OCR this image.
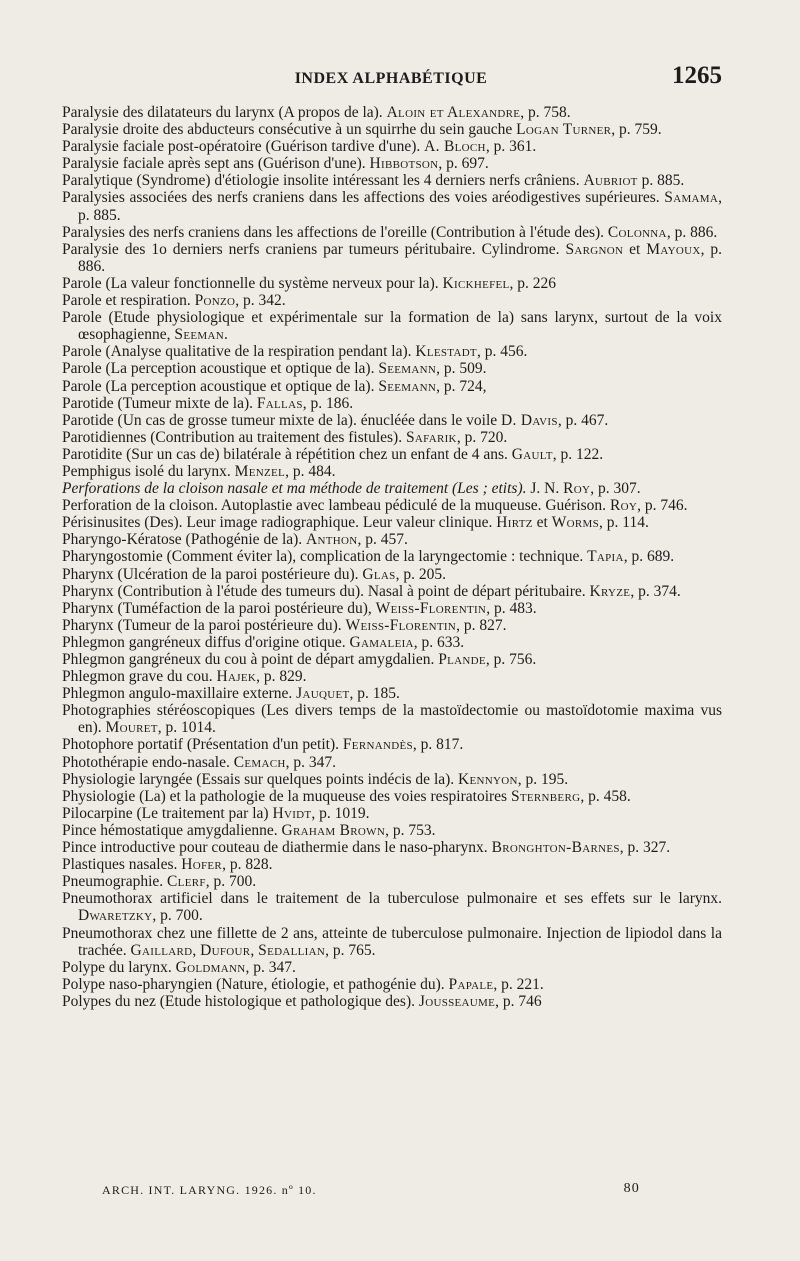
INDEX ALPHABÉTIQUE	1265
Paralysie des dilatateurs du larynx (A propos de la). Aloin et Alexandre, p. 758.
Paralysie droite des abducteurs consécutive à un squirrhe du sein gauche Logan Turner, p. 759.
Paralysie faciale post-opératoire (Guérison tardive d'une). A. Bloch, p. 361.
Paralysie faciale après sept ans (Guérison d'une). Hibbotson, p. 697.
Paralytique (Syndrome) d'étiologie insolite intéressant les 4 derniers nerfs crâniens. Aubriot p. 885.
Paralysies associées des nerfs craniens dans les affections des voies aréodigestives supérieures. Samama, p. 885.
Paralysies des nerfs craniens dans les affections de l'oreille (Contribution à l'étude des). Colonna, p. 886.
Paralysie des 1o derniers nerfs craniens par tumeurs péritubaire. Cylindrome. Sargnon et Mayoux, p. 886.
Parole (La valeur fonctionnelle du système nerveux pour la). Kickhefel, p. 226
Parole et respiration. Ponzo, p. 342.
Parole (Etude physiologique et expérimentale sur la formation de la) sans larynx, surtout de la voix œsophagienne, Seeman.
Parole (Analyse qualitative de la respiration pendant la). Klestadt, p. 456.
Parole (La perception acoustique et optique de la). Seemann, p. 509.
Parole (La perception acoustique et optique de la). Seemann, p. 724,
Parotide (Tumeur mixte de la). Fallas, p. 186.
Parotide (Un cas de grosse tumeur mixte de la). énucléée dans le voile D. Davis, p. 467.
Parotidiennes (Contribution au traitement des fistules). Safarik, p. 720.
Parotidite (Sur un cas de) bilatérale à répétition chez un enfant de 4 ans. Gault, p. 122.
Pemphigus isolé du larynx. Menzel, p. 484.
Perforations de la cloison nasale et ma méthode de traitement (Les ; etits). J. N. Roy, p. 307.
Perforation de la cloison. Autoplastie avec lambeau pédiculé de la muqueuse. Guérison. Roy, p. 746.
Périsinusites (Des). Leur image radiographique. Leur valeur clinique. Hirtz et Worms, p. 114.
Pharyngo-Kératose (Pathogénie de la). Anthon, p. 457.
Pharyngostomie (Comment éviter la), complication de la laryngectomie : technique. Tapia, p. 689.
Pharynx (Ulcération de la paroi postérieure du). Glas, p. 205.
Pharynx (Contribution à l'étude des tumeurs du). Nasal à point de départ péritubaire. Kryze, p. 374.
Pharynx (Tuméfaction de la paroi postérieure du), Weiss-Florentin, p. 483.
Pharynx (Tumeur de la paroi postérieure du). Weiss-Florentin, p. 827.
Phlegmon gangréneux diffus d'origine otique. Gamaleia, p. 633.
Phlegmon gangréneux du cou à point de départ amygdalien. Plande, p. 756.
Phlegmon grave du cou. Hajek, p. 829.
Phlegmon angulo-maxillaire externe. Jauquet, p. 185.
Photographies stéréoscopiques (Les divers temps de la mastoïdectomie ou mastoïdotomie maxima vus en). Mouret, p. 1014.
Photophore portatif (Présentation d'un petit). Fernandès, p. 817.
Photothérapie endo-nasale. Cemach, p. 347.
Physiologie laryngée (Essais sur quelques points indécis de la). Kennyon, p. 195.
Physiologie (La) et la pathologie de la muqueuse des voies respiratoires Sternberg, p. 458.
Pilocarpine (Le traitement par la) Hvidt, p. 1019.
Pince hémostatique amygdalienne. Graham Brown, p. 753.
Pince introductive pour couteau de diathermie dans le naso-pharynx. Bronghton-Barnes, p. 327.
Plastiques nasales. Hofer, p. 828.
Pneumographie. Clerf, p. 700.
Pneumothorax artificiel dans le traitement de la tuberculose pulmonaire et ses effets sur le larynx. Dwaretzky, p. 700.
Pneumothorax chez une fillette de 2 ans, atteinte de tuberculose pulmonaire. Injection de lipiodol dans la trachée. Gaillard, Dufour, Sedallian, p. 765.
Polype du larynx. Goldmann, p. 347.
Polype naso-pharyngien (Nature, étiologie, et pathogénie du). Papale, p. 221.
Polypes du nez (Etude histologique et pathologique des). Jousseaume, p. 746
ARCH. INT. LARYNG. 1926. nº 10.	80
